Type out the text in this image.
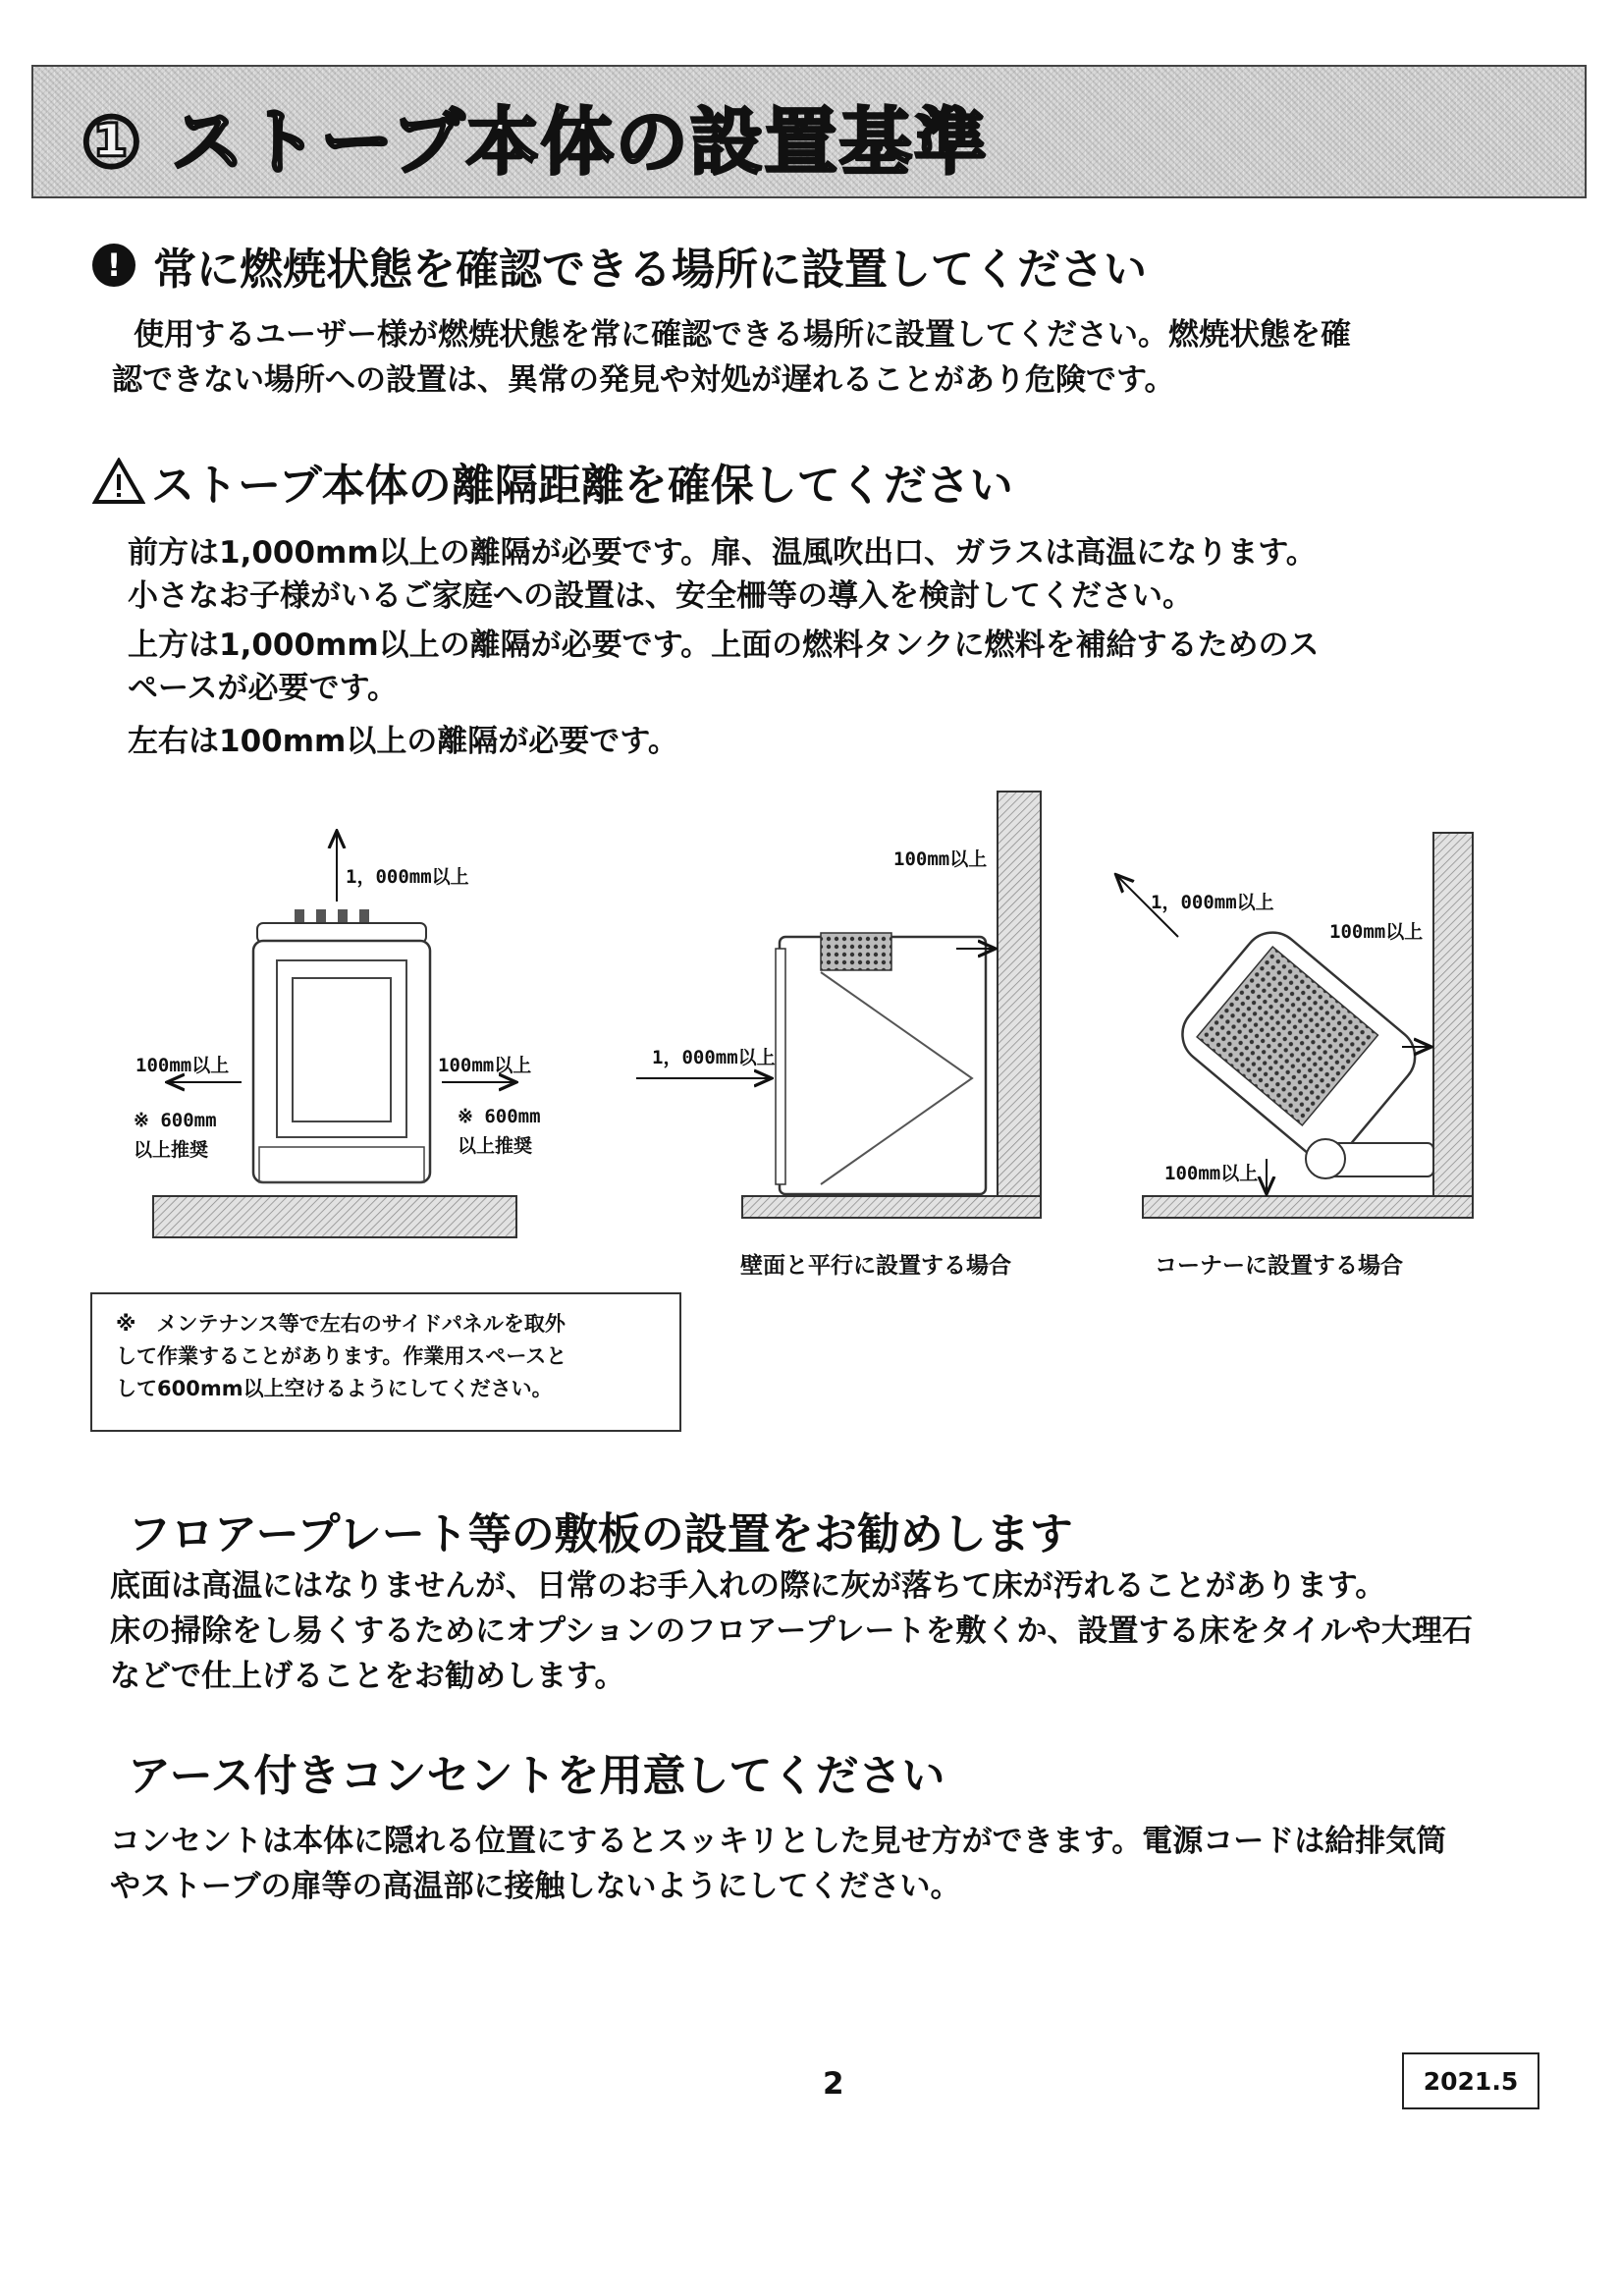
① ストーブ本体の設置基準
! 常に燃焼状態を確認できる場所に設置してください
使用するユーザー様が燃焼状態を常に確認できる場所に設置してください。燃焼状態を確
認できない場所への設置は、異常の発見や対処が遅れることがあり危険です。
ストーブ本体の離隔距離を確保してください
前方は1,000mm以上の離隔が必要です。扉、温風吹出口、ガラスは高温になります。
小さなお子様がいるご家庭への設置は、安全柵等の導入を検討してください。
上方は1,000mm以上の離隔が必要です。上面の燃料タンクに燃料を補給するためのス
ペースが必要です。
左右は100mm以上の離隔が必要です。
1，000mm以上
100mm以上	100mm以上
※ 600mm
以上推奨
※ 600mm
以上推奨
1，000mm以上
100mm以上
壁面と平行に設置する場合
1，000mm以上
100mm以上
100mm以上
コーナーに設置する場合
※　メンテナンス等で左右のサイドパネルを取外
して作業することがあります。作業用スペースと
して600mm以上空けるようにしてください。
フロアープレート等の敷板の設置をお勧めします
底面は高温にはなりませんが、日常のお手入れの際に灰が落ちて床が汚れることがあります。
床の掃除をし易くするためにオプションのフロアープレートを敷くか、設置する床をタイルや大理石
などで仕上げることをお勧めします。
アース付きコンセントを用意してください
コンセントは本体に隠れる位置にするとスッキリとした見せ方ができます。電源コードは給排気筒
やストーブの扉等の高温部に接触しないようにしてください。
2	2021.5
